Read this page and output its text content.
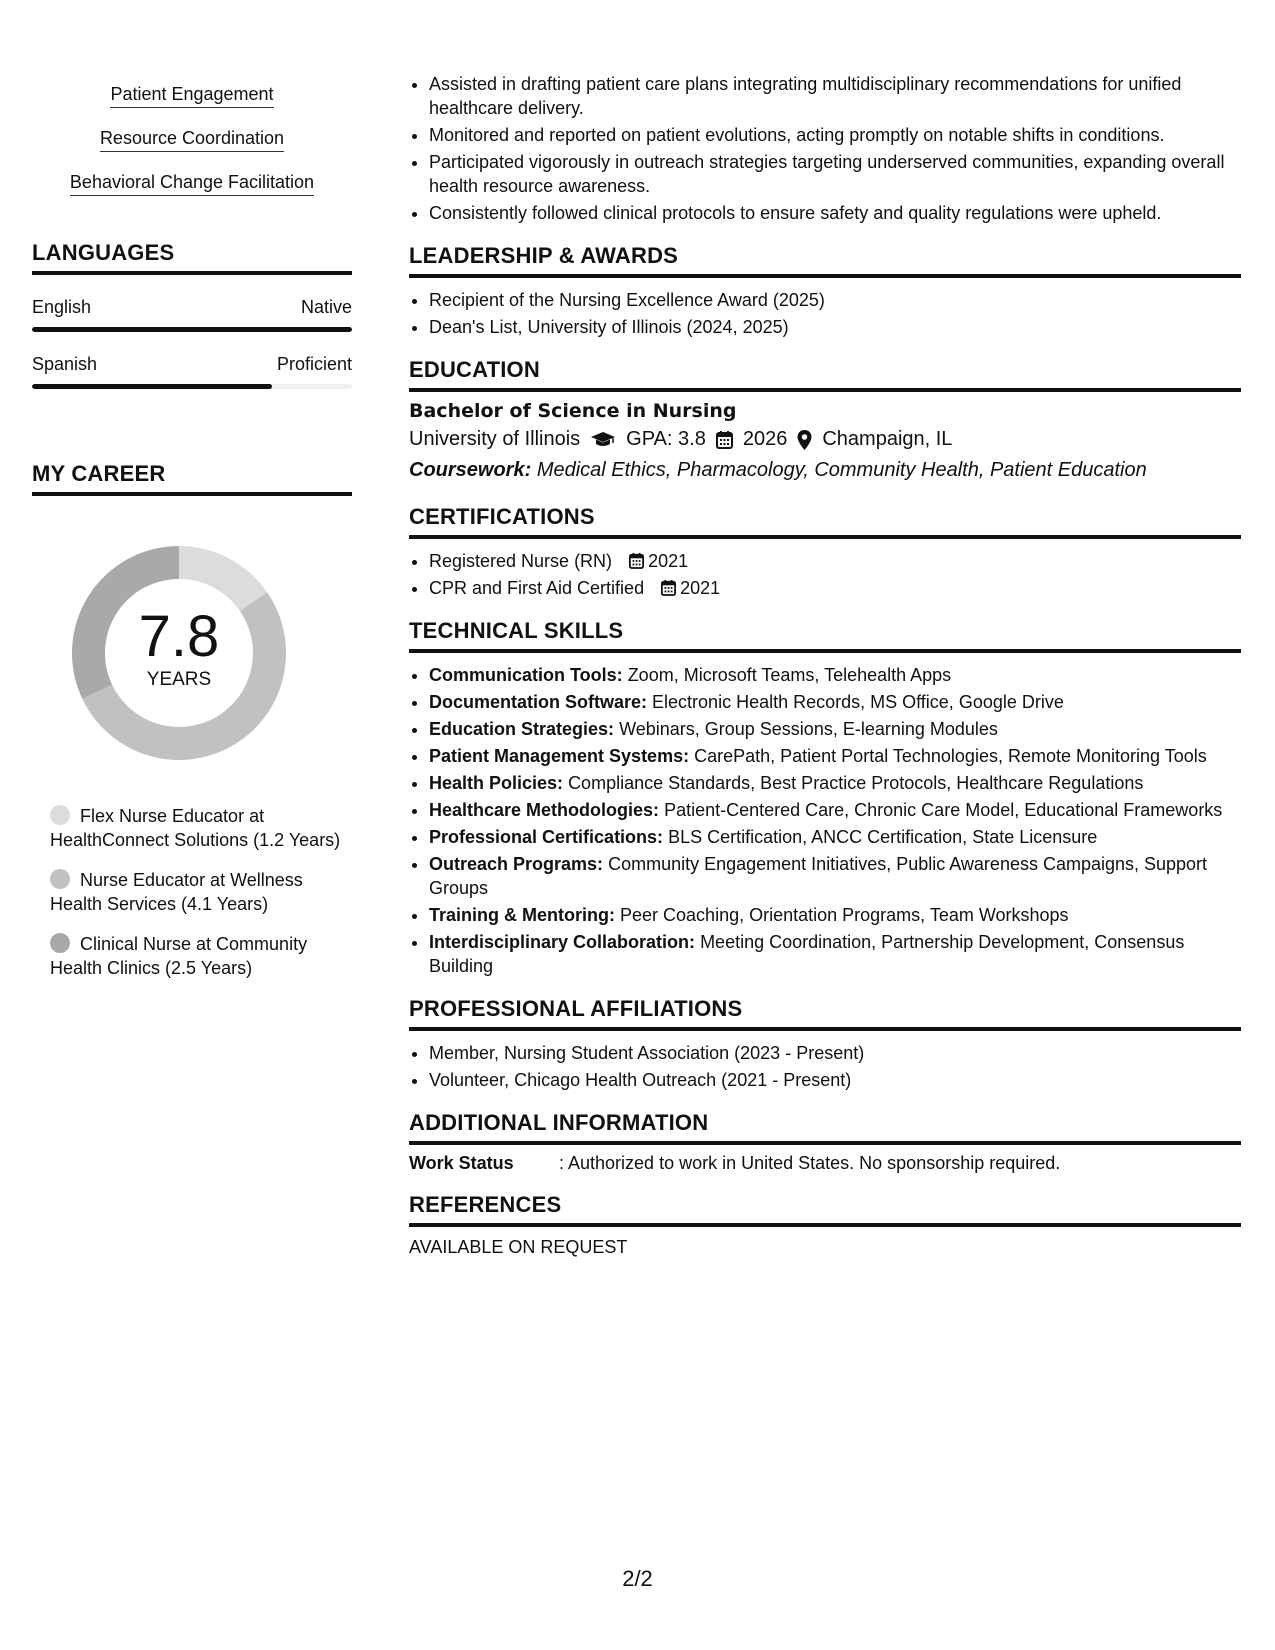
Patient Engagement
Resource Coordination
Behavioral Change Facilitation
LANGUAGES
English	Native
Spanish	Proficient
MY CAREER
7.8
YEARS
Flex Nurse Educator at HealthConnect Solutions (1.2 Years)
Nurse Educator at Wellness Health Services (4.1 Years)
Clinical Nurse at Community Health Clinics (2.5 Years)
• Assisted in drafting patient care plans integrating multidisciplinary recommendations for unified healthcare delivery.
• Monitored and reported on patient evolutions, acting promptly on notable shifts in conditions.
• Participated vigorously in outreach strategies targeting underserved communities, expanding overall health resource awareness.
• Consistently followed clinical protocols to ensure safety and quality regulations were upheld.
LEADERSHIP & AWARDS
• Recipient of the Nursing Excellence Award (2025)
• Dean's List, University of Illinois (2024, 2025)
EDUCATION
Bachelor of Science in Nursing
University of Illinois GPA: 3.8 2026 Champaign, IL
Coursework: Medical Ethics, Pharmacology, Community Health, Patient Education
CERTIFICATIONS
• Registered Nurse (RN) 2021
• CPR and First Aid Certified 2021
TECHNICAL SKILLS
• Communication Tools: Zoom, Microsoft Teams, Telehealth Apps
• Documentation Software: Electronic Health Records, MS Office, Google Drive
• Education Strategies: Webinars, Group Sessions, E-learning Modules
• Patient Management Systems: CarePath, Patient Portal Technologies, Remote Monitoring Tools
• Health Policies: Compliance Standards, Best Practice Protocols, Healthcare Regulations
• Healthcare Methodologies: Patient-Centered Care, Chronic Care Model, Educational Frameworks
• Professional Certifications: BLS Certification, ANCC Certification, State Licensure
• Outreach Programs: Community Engagement Initiatives, Public Awareness Campaigns, Support Groups
• Training & Mentoring: Peer Coaching, Orientation Programs, Team Workshops
• Interdisciplinary Collaboration: Meeting Coordination, Partnership Development, Consensus Building
PROFESSIONAL AFFILIATIONS
• Member, Nursing Student Association (2023 - Present)
• Volunteer, Chicago Health Outreach (2021 - Present)
ADDITIONAL INFORMATION
Work Status	: Authorized to work in United States. No sponsorship required.
REFERENCES
AVAILABLE ON REQUEST
2/2
